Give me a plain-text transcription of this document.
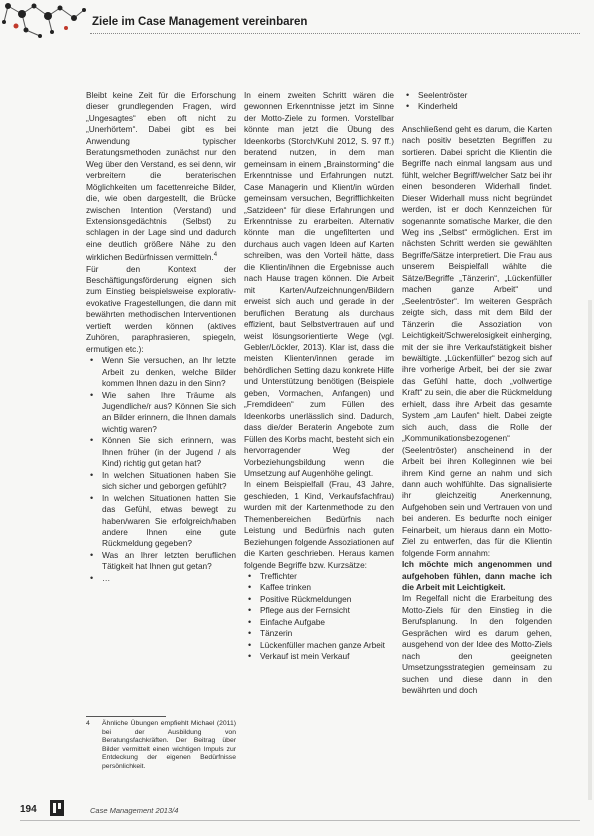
Ziele im Case Management vereinbaren

Bleibt keine Zeit für die Erforschung dieser grundlegenden Fragen, wird „Ungesagtes“ eben oft nicht zu „Unerhörtem“. Dabei gibt es bei Anwendung typischer Beratungsmethoden zunächst nur den Weg über den Verstand, es sei denn, wir verbreitern die beraterischen Möglichkeiten um facettenreiche Bilder, die, wie oben dargestellt, die Brücke zwischen Intention (Verstand) und Extensionsgedächtnis (Selbst) zu schlagen in der Lage sind und dadurch eine deutlich größere Nähe zu den wirklichen Bedürfnissen vermitteln.$^4$

Für den Kontext der Beschäftigungsförderung eignen sich zum Einstieg beispielsweise explorativ-evokative Fragestellungen, die dann mit bewährten methodischen Interventionen vertieft werden können (aktives Zuhören, paraphrasieren, spiegeln, ermutigen etc.):

• Wenn Sie versuchen, an Ihr letzte Arbeit zu denken, welche Bilder kommen Ihnen dazu in den Sinn?
• Wie sahen Ihre Träume als Jugendliche/r aus? Können Sie sich an Bilder erinnern, die Ihnen damals wichtig waren?
• Können Sie sich erinnern, was Ihnen früher (in der Jugend / als Kind) richtig gut getan hat?
• In welchen Situationen haben Sie sich sicher und geborgen gefühlt?
• In welchen Situationen hatten Sie das Gefühl, etwas bewegt zu haben/waren Sie erfolgreich/haben andere Ihnen eine gute Rückmeldung gegeben?
• Was an Ihrer letzten beruflichen Tätigkeit hat Ihnen gut getan?
• …

In einem zweiten Schritt wären die gewonnen Erkenntnisse jetzt im Sinne der Motto-Ziele zu formen. Vorstellbar könnte man jetzt die Übung des Ideenkorbs (Storch/Kuhl 2012, S. 97 ff.) beratend nutzen, in dem man gemeinsam in einem „Brainstorming“ die Erkenntnisse und Erfahrungen nutzt. Case Managerin und Klient/in würden gemeinsam versuchen, Begrifflichkeiten „Satzideen“ für diese Erfahrungen und Erkenntnisse zu erarbeiten. Alternativ könnte man die ungefilterten und durchaus auch vagen Ideen auf Karten schreiben, was den Vorteil hätte, dass die Klientin/ihnen die Ergebnisse auch nach Hause tragen können. Die Arbeit mit Karten/Aufzeichnungen/Bildern erweist sich auch und gerade in der beruflichen Beratung als durchaus effizient, baut Selbstvertrauen auf und weist lösungsorientierte Wege (vgl. Gebler/Löckler, 2013). Klar ist, dass die meisten Klienten/innen gerade im behördlichen Setting dazu konkrete Hilfe und Unterstützung benötigen (Beispiele geben, Vormachen, Anfangen) und „Fremdideen“ zum Füllen des Ideenkorbs unerlässlich sind. Dadurch, dass die/der Beraterin Angebote zum Füllen des Korbs macht, besteht sich ein hervorragender Weg der Vorbeziehungsbildung wenn die Umsetzung auf Augenhöhe gelingt.

In einem Beispielfall (Frau, 43 Jahre, geschieden, 1 Kind, Verkaufsfachfrau) wurden mit der Kartenmethode zu den Themenbereichen Bedürfnis nach Leistung und Bedürfnis nach guten Beziehungen folgende Assoziationen auf die Karten geschrieben. Heraus kamen folgende Begriffe bzw. Kurzsätze:

• Treffichter
• Kaffee trinken
• Positive Rückmeldungen
• Pflege aus der Fernsicht
• Einfache Aufgabe
• Tänzerin
• Lückenfüller machen ganze Arbeit
• Verkauf ist mein Verkauf
• Seelentröster
• Kinderheld

Anschließend geht es darum, die Karten nach positiv besetzten Begriffen zu sortieren. Dabei spricht die Klientin die Begriffe nach einmal langsam aus und fühlt, welcher Begriff/welcher Satz bei ihr einen besonderen Widerhall findet. Dieser Widerhall muss nicht begründet werden, ist er doch Kennzeichen für sogenannte somatische Marker, die den Weg ins „Selbst“ ermöglichen. Erst im nächsten Schritt werden sie gewählten Begriffe/Sätze interpretiert. Die Frau aus unserem Beispielfall wählte die Sätze/Begriffe „Tänzerin“, „Lückenfüller machen ganze Arbeit“ und „Seelentröster“. Im weiteren Gespräch zeigte sich, dass mit dem Bild der Tänzerin die Assoziation von Leichtigkeit/Schwerelosigkeit einherging, mit der sie ihre Verkaufstätigkeit bisher bewältigte. „Lückenfüller“ bezog sich auf ihre vorherige Arbeit, bei der sie zwar das Gefühl hatte, doch „vollwertige Kraft“ zu sein, die aber die Rückmeldung erhielt, dass ihre Arbeit das gesamte System „am Laufen“ hielt. Dabei zeigte sich auch, dass die Rolle der „Kommunikationsbezogenen“ (Seelentröster) anscheinend in der Arbeit bei ihren Kolleginnen wie bei ihrem Kind gerne an nahm und sich dann auch wohlfühlte. Das signalisierte ihr gleichzeitig Anerkennung, Aufgehoben sein und Vertrauen von und bei anderen. Es bedurfte noch einiger Feinarbeit, um hieraus dann ein Motto-Ziel zu entwerfen, das für die Klientin folgende Form annahm:

Ich möchte mich angenommen und aufgehoben fühlen, dann mache ich die Arbeit mit Leichtigkeit.

Im Regelfall nicht die Erarbeitung des Motto-Ziels für den Einstieg in die Berufsplanung. In den folgenden Gesprächen wird es darum gehen, ausgehend von der Idee des Motto-Ziels nach den geeigneten Umsetzungsstrategien gemeinsam zu suchen und diese dann in den bewährten und doch

4	Ähnliche Übungen empfiehlt Michael (2011) bei der Ausbildung von Beratungsfachkräften. Der Beitrag über Bilder vermittelt einen wichtigen Impuls zur Entdeckung der eigenen Bedürfnisse persönlichkeit.
194	Case Management 2013/4
